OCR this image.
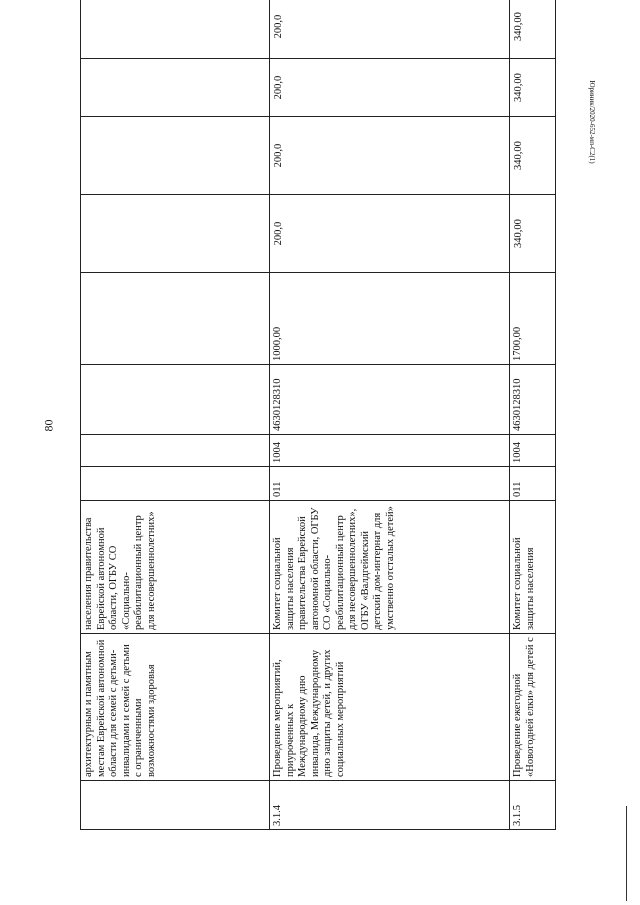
80
Юриник/2020-652-мп-С2(1)
	архитектурным и памятным местам Еврейской автономной области для семей с детьми-инвалидами и семей с детьми с ограниченными возможностями здоровья	населения правительства Еврейской автономной области, ОГБУ СО «Социально-реабилитационный центр для несовершеннолетних»									
3.1.4	Проведение мероприятий, приуроченных к Международному дню инвалида, Международному дню защиты детей, и других социальных мероприятий	Комитет социальной защиты населения правительства Еврейской автономной области, ОГБУ СО «Социально-реабилитационный центр для несовершеннолетних», ОГБУ «Валдгеймский детский дом-интернат для умственно отсталых детей»	011	1004	4630128310	1000,00	200,0	200,0	200,0	200,0	
3.1.5	Проведение ежегодной «Новогодней елки» для детей с	Комитет социальной защиты населения	011	1004	4630128310	1700,00	340,00	340,00	340,00	340,00	
